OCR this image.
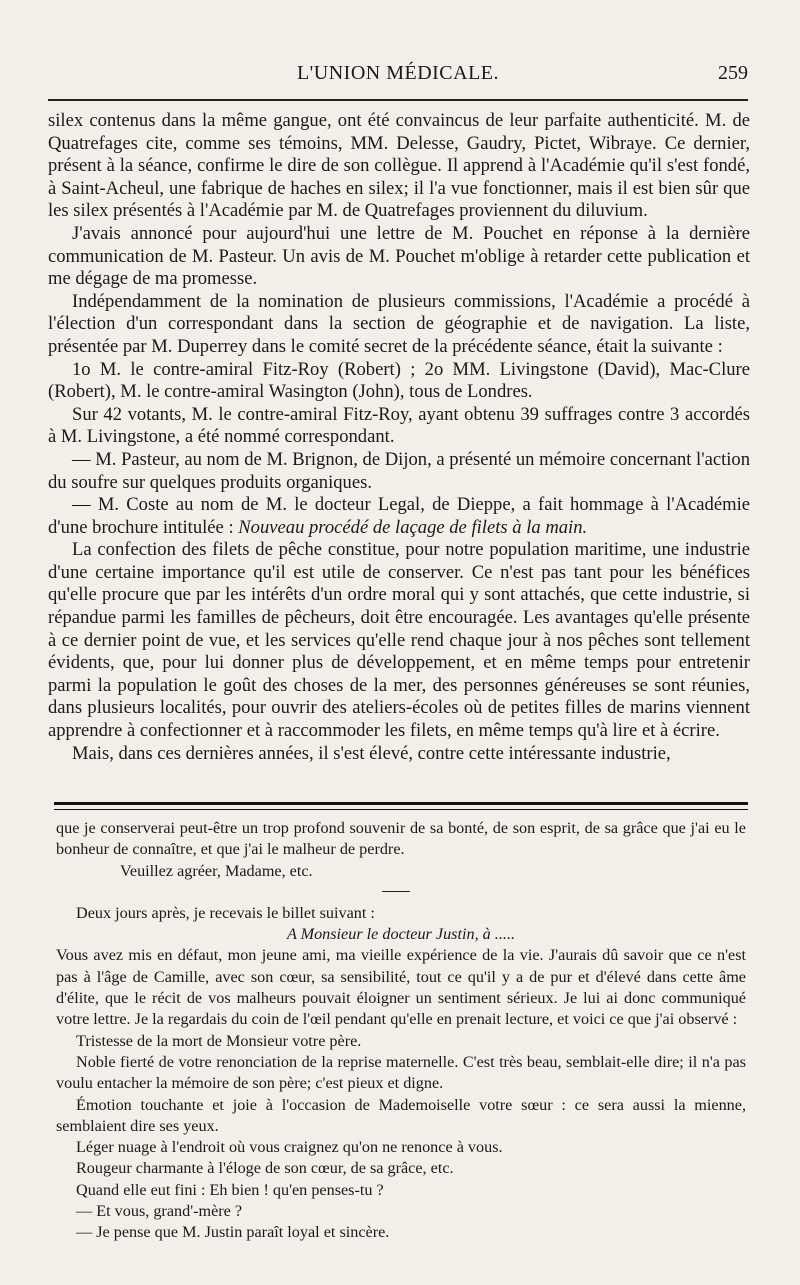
L'UNION MÉDICALE.	259

silex contenus dans la même gangue, ont été convaincus de leur parfaite authenticité. M. de Quatrefages cite, comme ses témoins, MM. Delesse, Gaudry, Pictet, Wibraye. Ce dernier, présent à la séance, confirme le dire de son collègue. Il apprend à l'Académie qu'il s'est fondé, à Saint-Acheul, une fabrique de haches en silex; il l'a vue fonctionner, mais il est bien sûr que les silex présentés à l'Académie par M. de Quatrefages proviennent du diluvium.

J'avais annoncé pour aujourd'hui une lettre de M. Pouchet en réponse à la dernière communication de M. Pasteur. Un avis de M. Pouchet m'oblige à retarder cette publication et me dégage de ma promesse.

Indépendamment de la nomination de plusieurs commissions, l'Académie a procédé à l'élection d'un correspondant dans la section de géographie et de navigation. La liste, présentée par M. Duperrey dans le comité secret de la précédente séance, était la suivante :

1o M. le contre-amiral Fitz-Roy (Robert) ; 2o MM. Livingstone (David), Mac-Clure (Robert), M. le contre-amiral Wasington (John), tous de Londres.

Sur 42 votants, M. le contre-amiral Fitz-Roy, ayant obtenu 39 suffrages contre 3 accordés à M. Livingstone, a été nommé correspondant.

— M. Pasteur, au nom de M. Brignon, de Dijon, a présenté un mémoire concernant l'action du soufre sur quelques produits organiques.

— M. Coste au nom de M. le docteur Legal, de Dieppe, a fait hommage à l'Académie d'une brochure intitulée : Nouveau procédé de laçage de filets à la main.

La confection des filets de pêche constitue, pour notre population maritime, une industrie d'une certaine importance qu'il est utile de conserver. Ce n'est pas tant pour les bénéfices qu'elle procure que par les intérêts d'un ordre moral qui y sont attachés, que cette industrie, si répandue parmi les familles de pêcheurs, doit être encouragée. Les avantages qu'elle présente à ce dernier point de vue, et les services qu'elle rend chaque jour à nos pêches sont tellement évidents, que, pour lui donner plus de développement, et en même temps pour entretenir parmi la population le goût des choses de la mer, des personnes généreuses se sont réunies, dans plusieurs localités, pour ouvrir des ateliers-écoles où de petites filles de marins viennent apprendre à confectionner et à raccommoder les filets, en même temps qu'à lire et à écrire.

Mais, dans ces dernières années, il s'est élevé, contre cette intéressante industrie,

que je conserverai peut-être un trop profond souvenir de sa bonté, de son esprit, de sa grâce que j'ai eu le bonheur de connaître, et que j'ai le malheur de perdre.

Veuillez agréer, Madame, etc.

Deux jours après, je recevais le billet suivant :

A Monsieur le docteur Justin, à .....

Vous avez mis en défaut, mon jeune ami, ma vieille expérience de la vie. J'aurais dû savoir que ce n'est pas à l'âge de Camille, avec son cœur, sa sensibilité, tout ce qu'il y a de pur et d'élevé dans cette âme d'élite, que le récit de vos malheurs pouvait éloigner un sentiment sérieux. Je lui ai donc communiqué votre lettre. Je la regardais du coin de l'œil pendant qu'elle en prenait lecture, et voici ce que j'ai observé :

Tristesse de la mort de Monsieur votre père.

Noble fierté de votre renonciation de la reprise maternelle. C'est très beau, semblait-elle dire; il n'a pas voulu entacher la mémoire de son père; c'est pieux et digne.

Émotion touchante et joie à l'occasion de Mademoiselle votre sœur : ce sera aussi la mienne, semblaient dire ses yeux.

Léger nuage à l'endroit où vous craignez qu'on ne renonce à vous.

Rougeur charmante à l'éloge de son cœur, de sa grâce, etc.

Quand elle eut fini : Eh bien ! qu'en penses-tu ?

— Et vous, grand'-mère ?

— Je pense que M. Justin paraît loyal et sincère.
